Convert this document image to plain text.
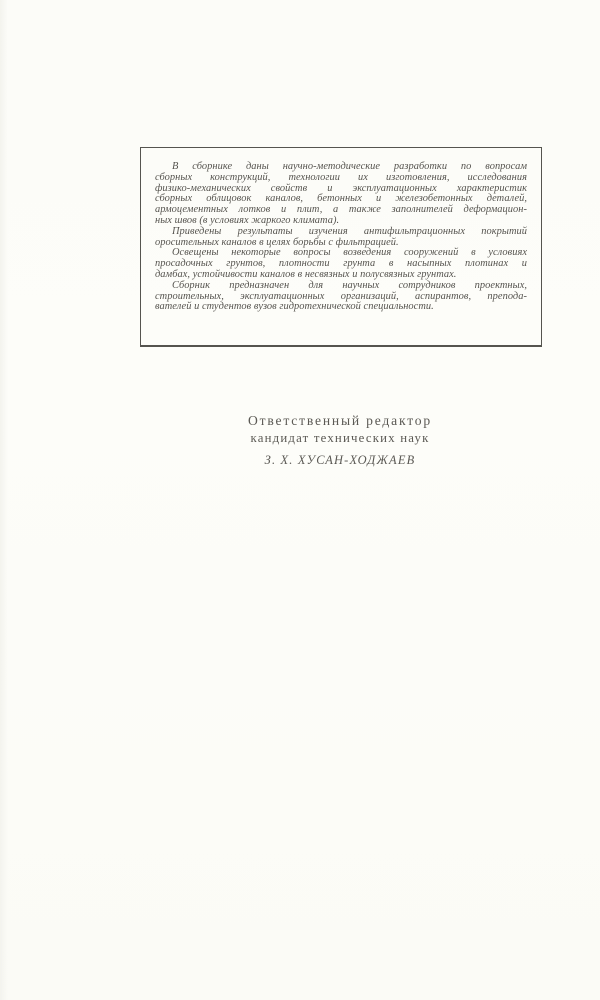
В сборнике даны научно-методические разработки по вопросам
сборных конструкций, технологии их изготовления, исследования
физико-механических свойств и эксплуатационных характеристик
сборных облицовок каналов, бетонных и железобетонных деталей,
армоцементных лотков и плит, а также заполнителей деформацион-
ных швов (в условиях жаркого климата).

Приведены результаты изучения антифильтрационных покрытий
оросительных каналов в целях борьбы с фильтрацией.

Освещены некоторые вопросы возведения сооружений в условиях
просадочных грунтов, плотности грунта в насыпных плотинах и
дамбах, устойчивости каналов в несвязных и полусвязных грунтах.

Сборник предназначен для научных сотрудников проектных,
строительных, эксплуатационных организаций, аспирантов, препода-
вателей и студентов вузов гидротехнической специальности.

Ответственный редактор
кандидат технических наук
З. Х. ХУСАН-ХОДЖАЕВ
